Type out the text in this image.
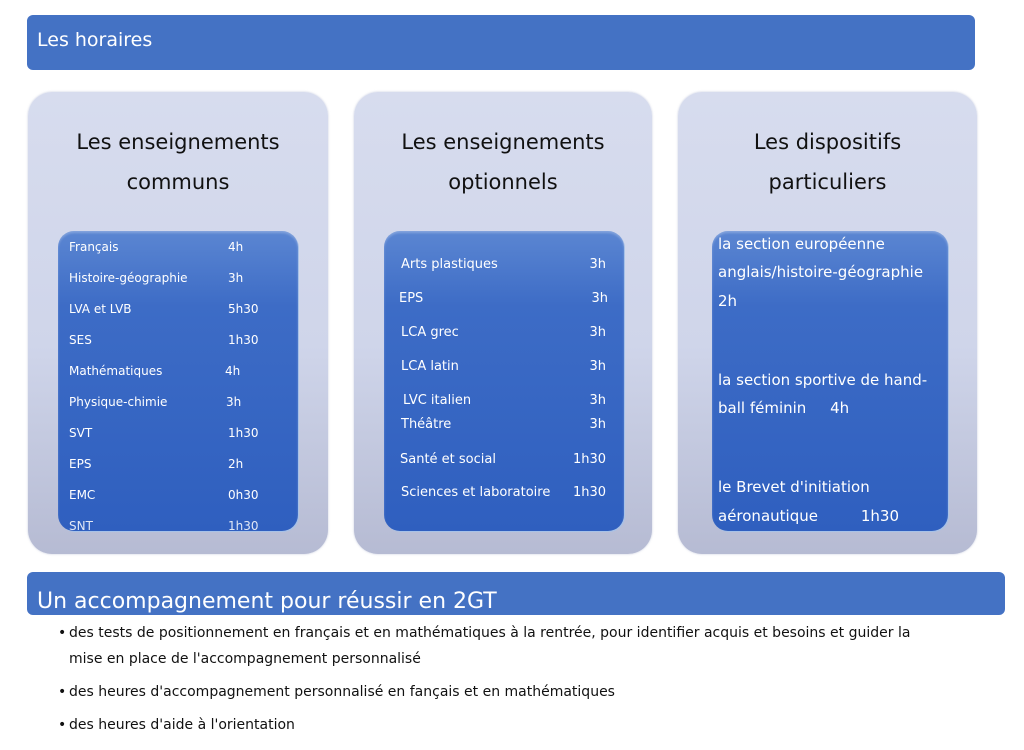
Les horaires
Les enseignements
communs
Français	4h
Histoire-géographie	3h
LVA et LVB	5h30
SES	1h30
Mathématiques	4h
Physique-chimie	3h
SVT	1h30
EPS	2h
EMC	0h30
SNT	1h30
Les enseignements
optionnels
Arts plastiques	3h
EPS	3h
LCA grec	3h
LCA latin	3h
LVC italien	3h
Théâtre	3h
Santé et social	1h30
Sciences et laboratoire 1h30
Les dispositifs
particuliers
la section européenne
anglais/histoire-géographie
2h
la section sportive de hand-
ball féminin     4h
le Brevet d'initiation
aéronautique         1h30
Un accompagnement pour réussir en 2GT
• des tests de positionnement en français et en mathématiques à la rentrée, pour identifier acquis et besoins et guider la
mise en place de l'accompagnement personnalisé
• des heures d'accompagnement personnalisé en fançais et en mathématiques
• des heures d'aide à l'orientation
